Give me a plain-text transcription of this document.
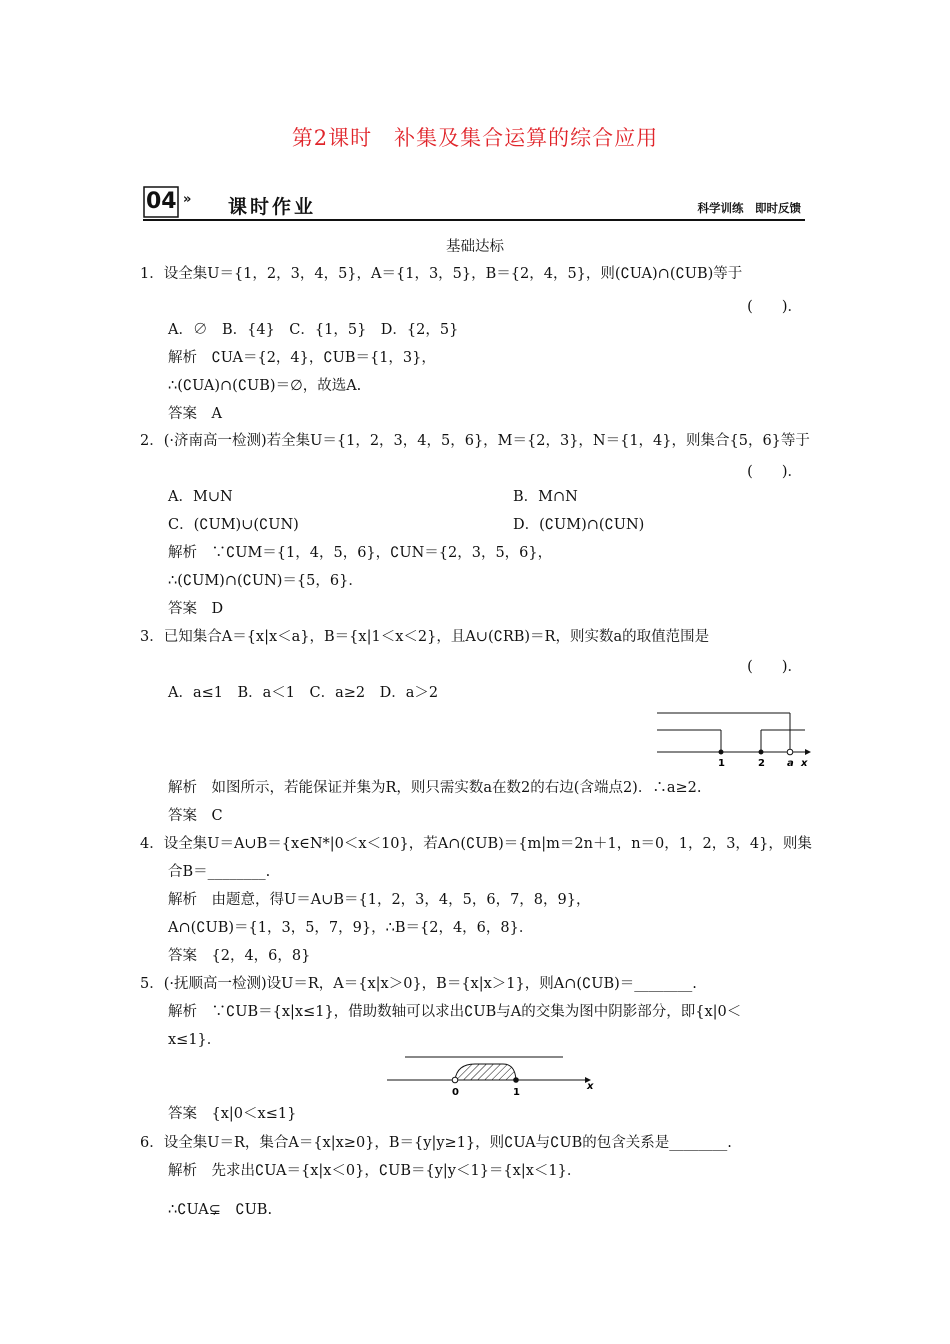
第2课时　补集及集合运算的综合应用
04 » 课时作业	科学训练　即时反馈
基础达标
1．设全集U＝{1，2，3，4，5}，A＝{1，3，5}，B＝{2，4，5}，则(∁UA)∩(∁UB)等于
(　　)．
A．∅　B．{4}　C．{1，5}　D．{2，5}
解析　∁UA＝{2，4}，∁UB＝{1，3}，
∴(∁UA)∩(∁UB)＝∅，故选A.
答案　A
2．(·济南高一检测)若全集U＝{1，2，3，4，5，6}，M＝{2，3}，N＝{1，4}，则集合{5，6}等于
(　　)．
A．M∪N	B．M∩N
C．(∁UM)∪(∁UN)	D．(∁UM)∩(∁UN)
解析　∵∁UM＝{1，4，5，6}，∁UN＝{2，3，5，6}，
∴(∁UM)∩(∁UN)＝{5，6}．
答案　D
3．已知集合A＝{x|x＜a}，B＝{x|1＜x＜2}，且A∪(∁RB)＝R，则实数a的取值范围是
(　　)．
A．a≤1　B．a＜1　C．a≥2　D．a＞2
1	2 a x
解析　如图所示，若能保证并集为R，则只需实数a在数2的右边(含端点2)．∴a≥2.
答案　C
4．设全集U＝A∪B＝{x∈N*|0＜x＜10}，若A∩(∁UB)＝{m|m＝2n＋1，n＝0，1，2，3，4}，则集
合B＝________.
解析　由题意，得U＝A∪B＝{1，2，3，4，5，6，7，8，9}，
A∩(∁UB)＝{1，3，5，7，9}，∴B＝{2，4，6，8}．
答案　{2，4，6，8}
5．(·抚顺高一检测)设U＝R，A＝{x|x＞0}，B＝{x|x＞1}，则A∩(∁UB)＝________.
解析　∵∁UB＝{x|x≤1}，借助数轴可以求出∁UB与A的交集为图中阴影部分，即{x|0＜
x≤1}．
0	1
x
答案　{x|0＜x≤1}
6．设全集U＝R，集合A＝{x|x≥0}，B＝{y|y≥1}，则∁UA与∁UB的包含关系是________.
解析　先求出∁UA＝{x|x＜0}，∁UB＝{y|y＜1}＝{x|x＜1}．
∴∁UA⊊　∁UB.
